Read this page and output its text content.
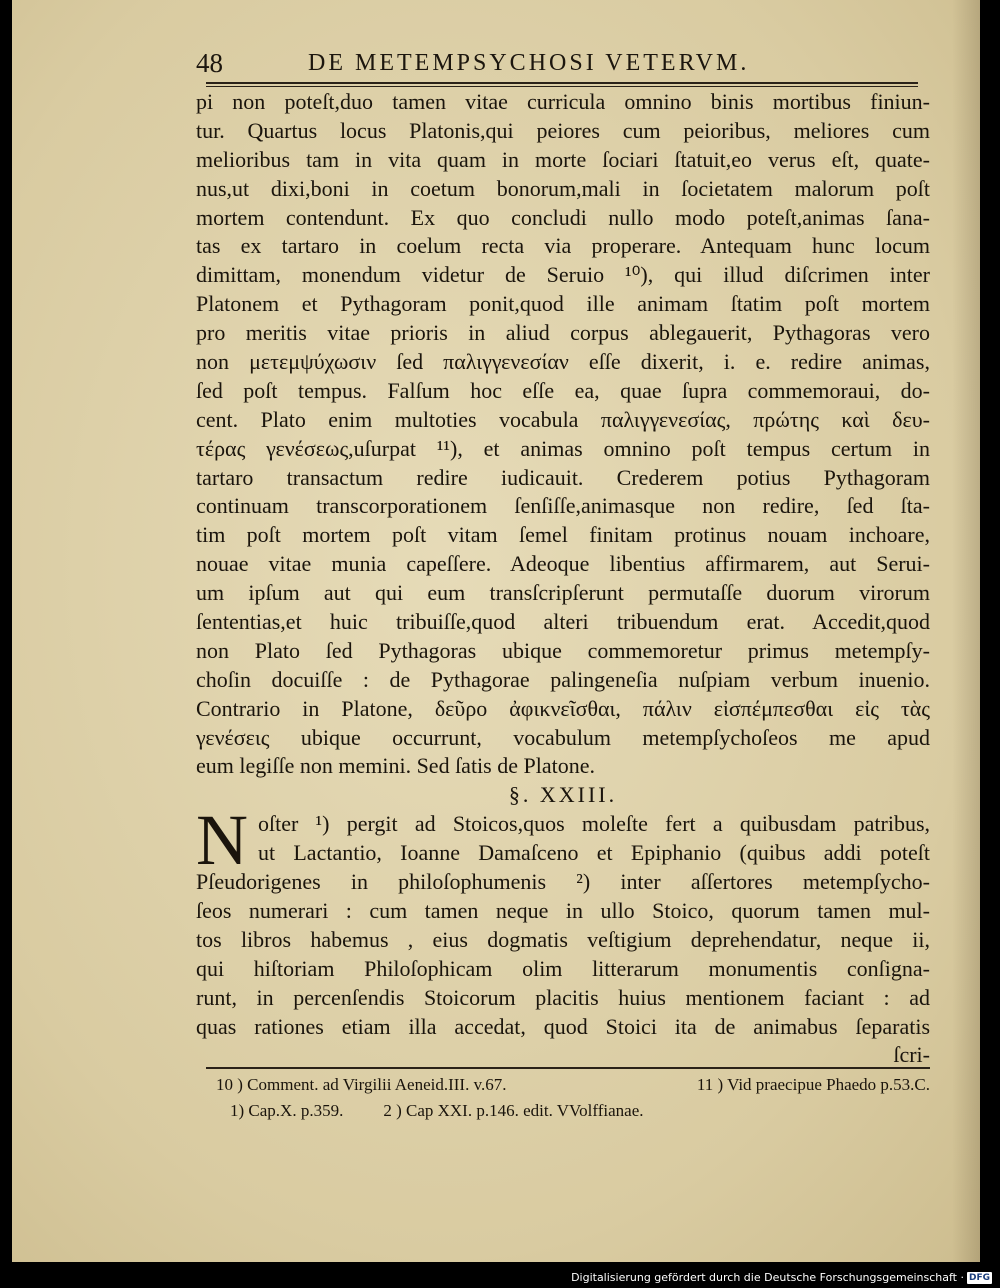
48	DE METEMPSYCHOSI VETERVM.
pi non poteſt,duo tamen vitae curricula omnino binis mortibus finiun-
tur. Quartus locus Platonis,qui peiores cum peioribus, meliores cum
melioribus tam in vita quam in morte ſociari ſtatuit,eo verus eſt, quate-
nus,ut dixi,boni in coetum bonorum,mali in ſocietatem malorum poſt
mortem contendunt. Ex quo concludi nullo modo poteſt,animas ſana-
tas ex tartaro in coelum recta via properare. Antequam hunc locum
dimittam, monendum videtur de Seruio ¹⁰), qui illud diſcrimen inter
Platonem et Pythagoram ponit,quod ille animam ſtatim poſt mortem
pro meritis vitae prioris in aliud corpus ablegauerit, Pythagoras vero
non μετεμψύχωσιν ſed παλιγγενεσίαν eſſe dixerit, i. e. redire animas,
ſed poſt tempus. Falſum hoc eſſe ea, quae ſupra commemoraui, do-
cent. Plato enim multoties vocabula παλιγγενεσίας, πρώτης καὶ δευ-
τέρας γενέσεως,uſurpat ¹¹), et animas omnino poſt tempus certum in
tartaro transactum redire iudicauit. Crederem potius Pythagoram
continuam transcorporationem ſenſiſſe,animasque non redire, ſed ſta-
tim poſt mortem poſt vitam ſemel finitam protinus nouam inchoare,
nouae vitae munia capeſſere. Adeoque libentius affirmarem, aut Serui-
um ipſum aut qui eum transſcripſerunt permutaſſe duorum virorum
ſententias,et huic tribuiſſe,quod alteri tribuendum erat. Accedit,quod
non Plato ſed Pythagoras ubique commemoretur primus metempſy-
choſin docuiſſe : de Pythagorae palingeneſia nuſpiam verbum inuenio.
Contrario in Platone, δεῦρο ἀφικνεῖσθαι, πάλιν εἰσπέμπεσθαι εἰς τὰς
γενέσεις ubique occurrunt, vocabulum metempſychoſeos me apud
eum legiſſe non memini. Sed ſatis de Platone.
§. XXIII.
oſter ¹) pergit ad Stoicos,quos moleſte fert a quibusdam patribus,
ut Lactantio, Ioanne Damaſceno et Epiphanio (quibus addi poteſt
Pſeudorigenes in philoſophumenis ²) inter aſſertores metempſycho-
ſeos numerari : cum tamen neque in ullo Stoico, quorum tamen mul-
tos libros habemus , eius dogmatis veſtigium deprehendatur, neque ii,
qui hiſtoriam Philoſophicam olim litterarum monumentis conſigna-
runt, in percenſendis Stoicorum placitis huius mentionem faciant : ad
quas rationes etiam illa accedat, quod Stoici ita de animabus ſeparatis
ſcri-
N
10 ) Comment. ad Virgilii Aeneid.III. v.67.	11 ) Vid praecipue Phaedo p.53.C.
1) Cap.X. p.359. 2 ) Cap XXI. p.146. edit. VVolffianae.
Digitalisierung gefördert durch die Deutsche Forschungsgemeinschaft · DFG
